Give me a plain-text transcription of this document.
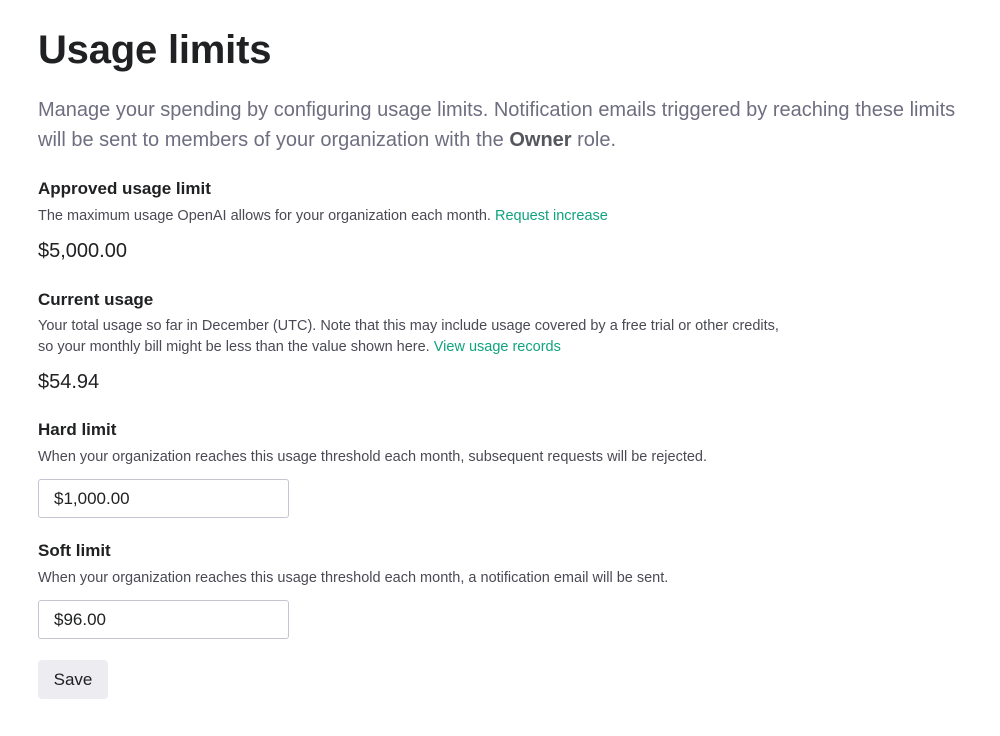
Usage limits

Manage your spending by configuring usage limits. Notification emails triggered by reaching these limits will be sent to members of your organization with the Owner role.

Approved usage limit

The maximum usage OpenAI allows for your organization each month. Request increase

$5,000.00

Current usage

Your total usage so far in December (UTC). Note that this may include usage covered by a free trial or other credits, so your monthly bill might be less than the value shown here. View usage records

$54.94

Hard limit

When your organization reaches this usage threshold each month, subsequent requests will be rejected.

$1,000.00
Soft limit

When your organization reaches this usage threshold each month, a notification email will be sent.

$96.00
Save
